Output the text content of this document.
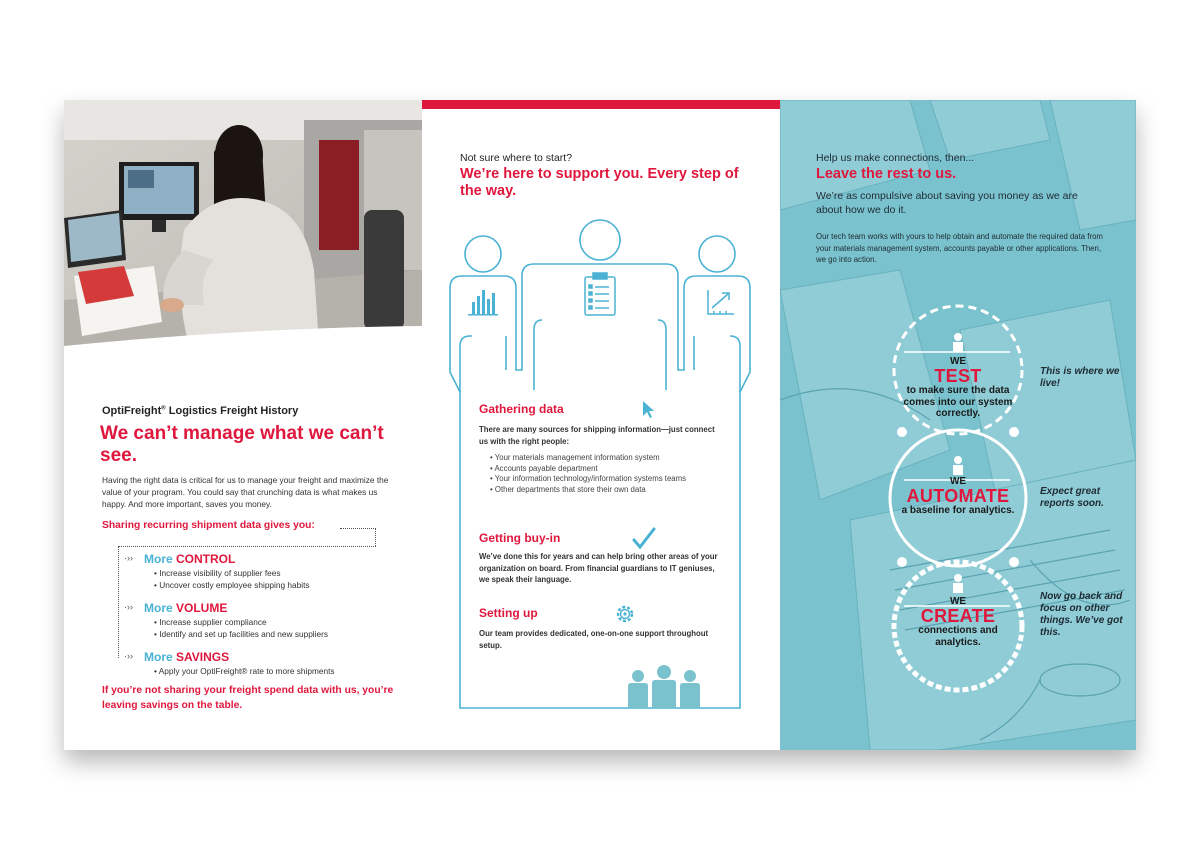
OptiFreight® Logistics Freight History
We can’t manage what we can’t see.
Having the right data is critical for us to manage your freight and maximize the value of your program. You could say that crunching data is what makes us happy. And more important, saves you money.
Sharing recurring shipment data gives you:
·›› More CONTROL
• Increase visibility of supplier fees
• Uncover costly employee shipping habits
·›› More VOLUME
• Increase supplier compliance
• Identify and set up facilities and new suppliers
·›› More SAVINGS
• Apply your OptiFreight® rate to more shipments
If you’re not sharing your freight spend data with us, you’re leaving savings on the table.
Not sure where to start?
We’re here to support you. Every step of the way.
Gathering data
There are many sources for shipping information—just connect us with the right people:
• Your materials management information system
• Accounts payable department
• Your information technology/information systems teams
• Other departments that store their own data
Getting buy-in
We’ve done this for years and can help bring other areas of your organization on board. From financial guardians to IT geniuses, we speak their language.
Setting up
Our team provides dedicated, one-on-one support throughout setup.
Help us make connections, then...
Leave the rest to us.
We’re as compulsive about saving you money as we are about how we do it.
Our tech team works with yours to help obtain and automate the required data from your materials management system, accounts payable or other applications. Then, we go into action.
WE
TEST
to make sure the data comes into our system correctly.
This is where we live!
WE
AUTOMATE
a baseline for analytics.
Expect great reports soon.
WE
CREATE
connections and analytics.
Now go back and focus on other things. We’ve got this.
